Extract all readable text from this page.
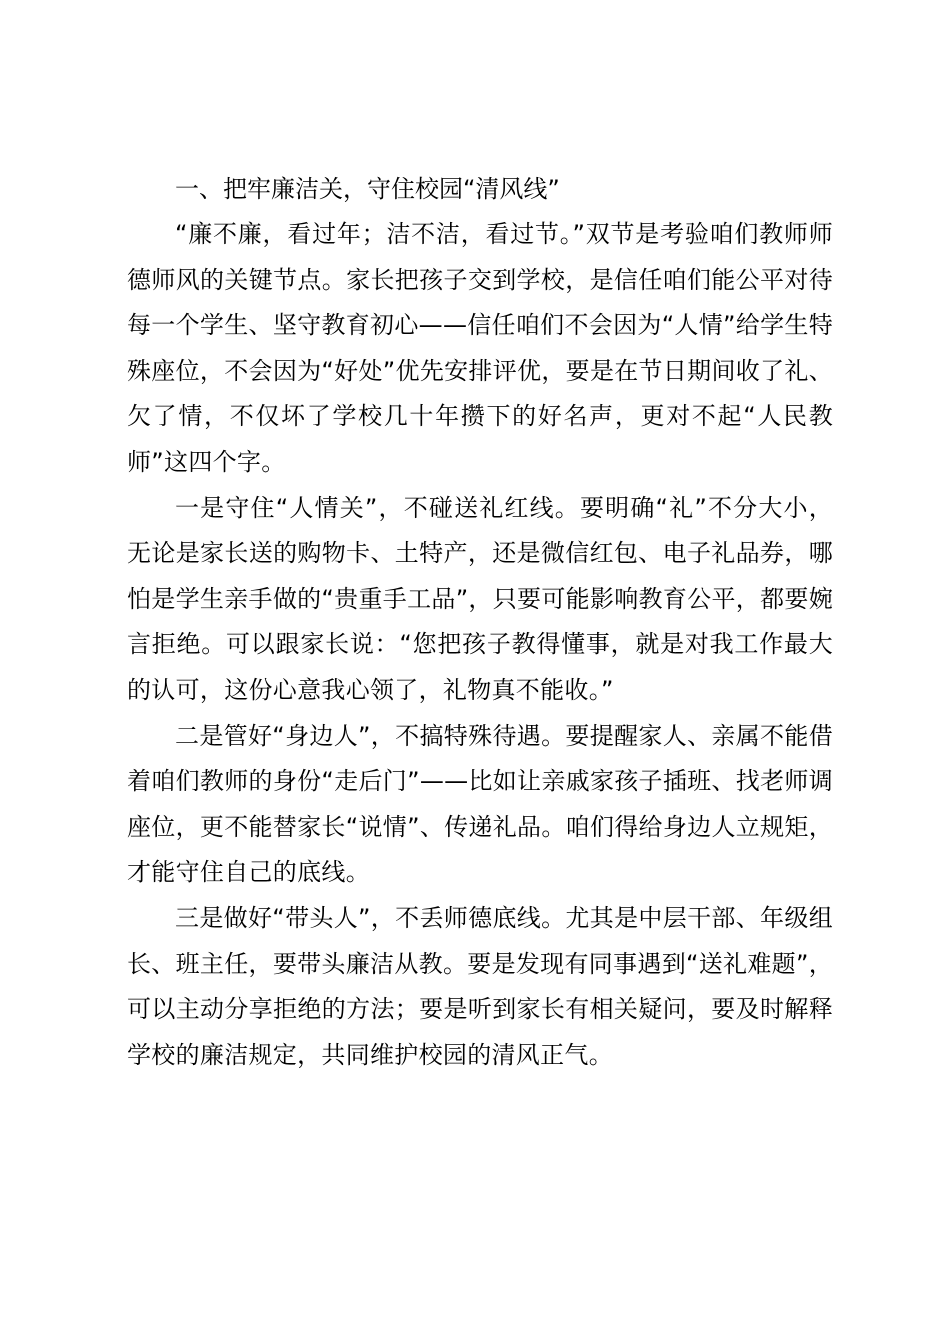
一、把牢廉洁关，守住校园“清风线”

“廉不廉，看过年；洁不洁，看过节。”双节是考验咱们教师师德师风的关键节点。家长把孩子交到学校，是信任咱们能公平对待每一个学生、坚守教育初心——信任咱们不会因为“人情”给学生特殊座位，不会因为“好处”优先安排评优，要是在节日期间收了礼、欠了情，不仅坏了学校几十年攒下的好名声，更对不起“人民教师”这四个字。

一是守住“人情关”，不碰送礼红线。要明确“礼”不分大小，无论是家长送的购物卡、土特产，还是微信红包、电子礼品券，哪怕是学生亲手做的“贵重手工品”，只要可能影响教育公平，都要婉言拒绝。可以跟家长说：“您把孩子教得懂事，就是对我工作最大的认可，这份心意我心领了，礼物真不能收。”

二是管好“身边人”，不搞特殊待遇。要提醒家人、亲属不能借着咱们教师的身份“走后门”——比如让亲戚家孩子插班、找老师调座位，更不能替家长“说情”、传递礼品。咱们得给身边人立规矩，才能守住自己的底线。

三是做好“带头人”，不丢师德底线。尤其是中层干部、年级组长、班主任，要带头廉洁从教。要是发现有同事遇到“送礼难题”，可以主动分享拒绝的方法；要是听到家长有相关疑问，要及时解释学校的廉洁规定，共同维护校园的清风正气。
